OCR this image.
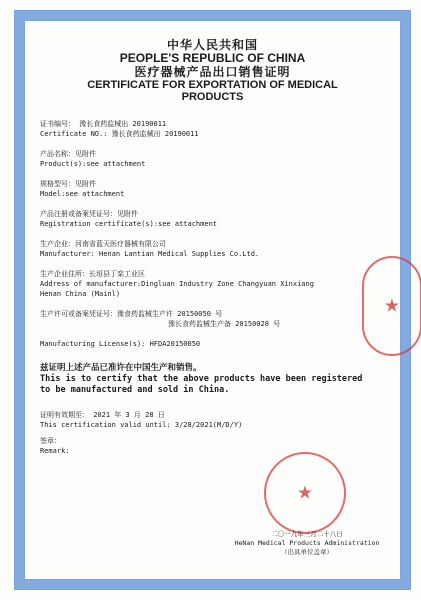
中华人民共和国
PEOPLE'S REPUBLIC OF CHINA
医疗器械产品出口销售证明
CERTIFICATE FOR EXPORTATION OF MEDICAL
PRODUCTS
证书编号： 豫长食药监械出 20190011
Certificate NO.: 豫长食药监械出 20190011
产品名称：见附件
Product(s):see attachment
规格型号：见附件
Model:see attachment
产品注册或备案凭证号：见附件
Registration certificate(s):see attachment
生产企业：河南省蓝天医疗器械有限公司
Manufacturer: Henan Lantian Medical Supplies Co.Ltd.
生产企业住所：长垣县丁栾工业区
Address of manufacturer:Dingluan Industry Zone Changyuan Xinxiang
Henan China (Mainl)
生产许可或备案凭证号：豫食药监械生产许 20150050 号
豫长食药监械生产备 20150028 号
Manufacturing License(s): HFDA20150050
兹证明上述产品已准许在中国生产和销售。
This is to certify that the above products have been registered
to be manufactured and sold in China.
证明有效期至： 2021 年 3 月 28 日
This certification valid until: 3/28/2021(M/D/Y)
签章：
Remark:
★
★
二〇一九年三月二十八日
HeNan Medical Products Administration
（出具单位盖章）
